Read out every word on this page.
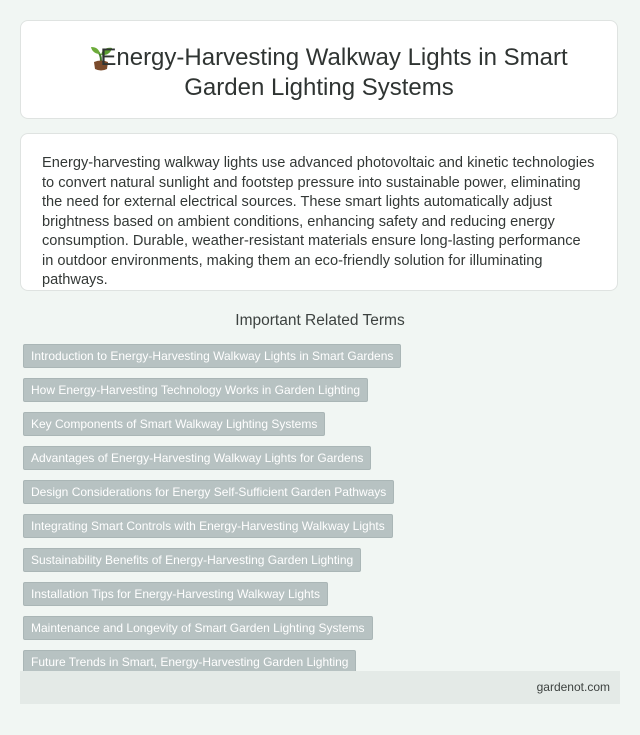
Energy-Harvesting Walkway Lights in Smart
Garden Lighting Systems
Energy-harvesting walkway lights use advanced photovoltaic and kinetic technologies to convert natural sunlight and footstep pressure into sustainable power, eliminating the need for external electrical sources. These smart lights automatically adjust brightness based on ambient conditions, enhancing safety and reducing energy consumption. Durable, weather-resistant materials ensure long-lasting performance in outdoor environments, making them an eco-friendly solution for illuminating pathways.
Important Related Terms
Introduction to Energy-Harvesting Walkway Lights in Smart Gardens
How Energy-Harvesting Technology Works in Garden Lighting
Key Components of Smart Walkway Lighting Systems
Advantages of Energy-Harvesting Walkway Lights for Gardens
Design Considerations for Energy Self-Sufficient Garden Pathways
Integrating Smart Controls with Energy-Harvesting Walkway Lights
Sustainability Benefits of Energy-Harvesting Garden Lighting
Installation Tips for Energy-Harvesting Walkway Lights
Maintenance and Longevity of Smart Garden Lighting Systems
Future Trends in Smart, Energy-Harvesting Garden Lighting
gardenot.com
